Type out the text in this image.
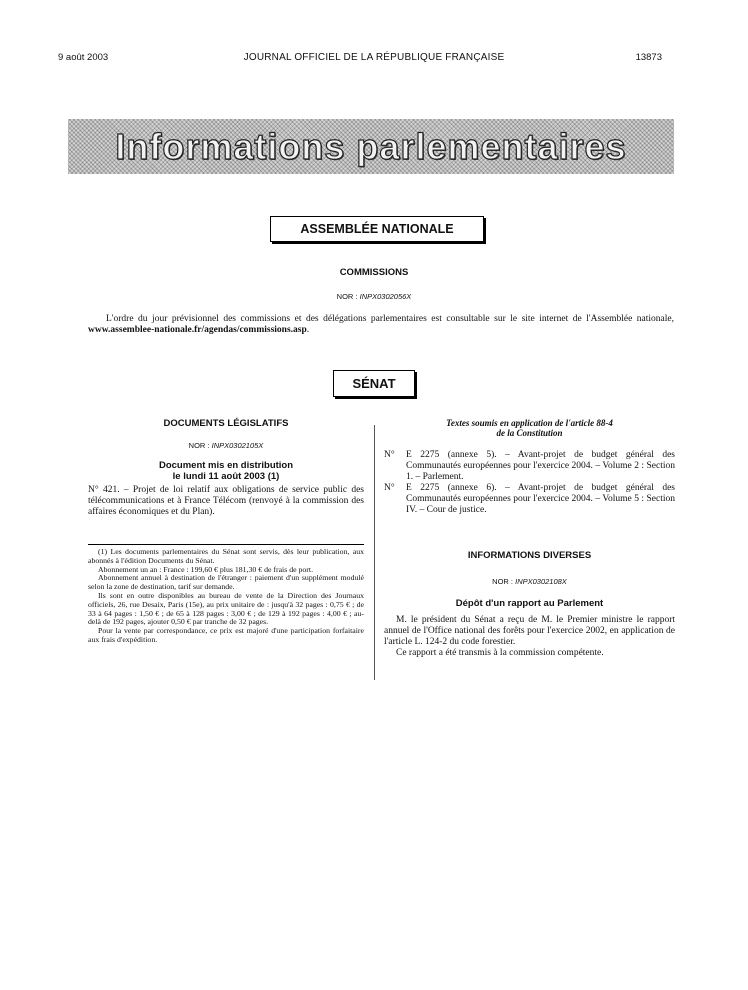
9 août 2003	JOURNAL OFFICIEL DE LA RÉPUBLIQUE FRANÇAISE	13873
Informations parlementaires
ASSEMBLÉE NATIONALE
COMMISSIONS
NOR : INPX0302056X
L'ordre du jour prévisionnel des commissions et des délégations parlementaires est consultable sur le site internet de l'Assemblée nationale, www.assemblee-nationale.fr/agendas/commissions.asp.
SÉNAT
DOCUMENTS LÉGISLATIFS
NOR : INPX0302105X
Document mis en distribution
le lundi 11 août 2003 (1)
N° 421. – Projet de loi relatif aux obligations de service public des télécommunications et à France Télécom (renvoyé à la commission des affaires économiques et du Plan).

(1) Les documents parlementaires du Sénat sont servis, dès leur publication, aux abonnés à l'édition Documents du Sénat.

Abonnement un an : France : 199,60 € plus 181,30 € de frais de port.

Abonnement annuel à destination de l'étranger : paiement d'un supplément modulé selon la zone de destination, tarif sur demande.

Ils sont en outre disponibles au bureau de vente de la Direction des Journaux officiels, 26, rue Desaix, Paris (15e), au prix unitaire de : jusqu'à 32 pages : 0,75 € ; de 33 à 64 pages : 1,50 € ; de 65 à 128 pages : 3,00 € ; de 129 à 192 pages : 4,00 € ; au-delà de 192 pages, ajouter 0,50 € par tranche de 32 pages.

Pour la vente par correspondance, ce prix est majoré d'une participation forfaitaire aux frais d'expédition.

Textes soumis en application de l'article 88-4
de la Constitution
N°	E 2275 (annexe 5). – Avant-projet de budget général des Communautés européennes pour l'exercice 2004. – Volume 2 : Section 1. – Parlement.
N°	E 2275 (annexe 6). – Avant-projet de budget général des Communautés européennes pour l'exercice 2004. – Volume 5 : Section IV. – Cour de justice.
INFORMATIONS DIVERSES
NOR : INPX0302108X
Dépôt d'un rapport au Parlement
M. le président du Sénat a reçu de M. le Premier ministre le rapport annuel de l'Office national des forêts pour l'exercice 2002, en application de l'article L. 124-2 du code forestier.
Ce rapport a été transmis à la commission compétente.
